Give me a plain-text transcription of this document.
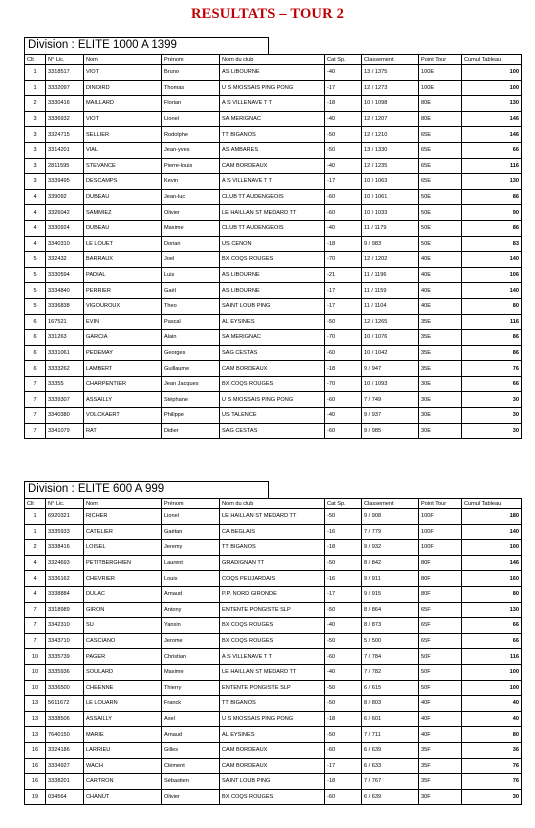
RESULTATS – TOUR 2
Division : ELITE 1000 A 1399
Clt	N° Lic.	Nom	Prénom	Nom du club	Cat Sp.	Classement	Point Tour	Cumul Tableau
1	3318517	VIOT	Bruno	AS LIBOURNE	-40	13 / 1375	100E	100
1	3332097	DINOIRD	Thomas	U S MIOSSAIS PING PONG	-17	12 / 1273	100E	100
2	3330416	MAILLARD	Florian	A S VILLENAVE T T	-18	10 / 1098	80E	130
3	3336932	VIOT	Lionel	SA MERIGNAC	-40	12 / 1207	80E	146
3	3324715	SELLIER	Rodolphe	TT BIGANOS	-50	12 / 1210	65E	146
3	3314201	VIAL	Jean-yves	AS AMBARES	-50	13 / 1330	65E	66
3	2811595	STEVANCE	Pierre-louis	CAM BORDEAUX	-40	12 / 1235	65E	116
3	3339495	DESCAMPS	Kevin	A S VILLENAVE T T	-17	10 / 1063	65E	130
4	339092	DUBEAU	Jean-luc	CLUB TT AUDENGEOIS	-60	10 / 1061	50E	86
4	3326042	SAMMIEZ	Olivier	LE HAILLAN ST MEDARD TT	-60	10 / 1033	50E	90
4	3330924	DUBEAU	Maxime	CLUB TT AUDENGEOIS	-40	11 / 1179	50E	86
4	3340310	LE LOUET	Dorian	US CENON	-18	9 / 983	50E	83
5	332432	BARRAUX	Joel	BX COQS ROUGES	-70	12 / 1202	40E	140
5	3330594	PADIAL	Luis	AS LIBOURNE	-21	11 / 1196	40E	106
5	3334840	PERRIER	Gaël	AS LIBOURNE	-17	11 / 1159	40E	140
5	3336838	VIGOUROUX	Theo	SAINT LOUB PING	-17	11 / 1104	40E	80
6	167521	EVIN	Pascal	AL EYSINES	-50	12 / 1265	35E	116
6	331263	GARCIA	Alain	SA MERIGNAC	-70	10 / 1076	35E	86
6	3331061	PEDEMAY	Georges	SAG CESTAS	-60	10 / 1042	35E	86
6	3333262	LAMBERT	Guillaume	CAM BORDEAUX	-18	9 / 947	35E	76
7	33355	CHARPENTIER	Jean Jacques	BX COQS ROUGES	-70	10 / 1093	30E	66
7	3339307	ASSAILLY	Stéphane	U S MIOSSAIS PING PONG	-60	7 / 749	30E	30
7	3340380	VOLCKAERT	Philippe	US TALENCE	-40	9 / 937	30E	30
7	3341079	RAT	Didier	SAG CESTAS	-60	9 / 985	30E	30
Division : ELITE 600 A 999
Clt	N° Lic.	Nom	Prénom	Nom du club	Cat Sp.	Classement	Point Tour	Cumul Tableau
1	6920321	RICHER	Lionel	LE HAILLAN ST MEDARD TT	-50	9 / 908	100F	180
1	3335933	CATELIER	Gaëtan	CA BEGLAIS	-16	7 / 779	100F	140
2	3338416	LOISEL	Jeremy	TT BIGANOS	-18	9 / 932	100F	100
4	3324693	PETITBERGHIEN	Laurent	GRADIGNAN TT	-50	8 / 842	80F	146
4	3336162	CHEVRIER	Louis	COQS PEUJARDAIS	-16	9 / 911	80F	160
4	3338884	DULAC	Arnaud	P.P. NORD GIRONDE	-17	9 / 915	80F	80
7	3318989	GIRON	Antony	ENTENTE PONGISTE SLP	-50	8 / 864	65F	130
7	3342310	SU	Yanxin	BX COQS ROUGES	-40	8 / 873	65F	66
7	3343710	CASCIANO	Jerome	BX COQS ROUGES	-50	5 / 500	65F	66
10	3335739	PAGER	Christian	A S VILLENAVE T T	-60	7 / 784	50F	116
10	3335936	SOULARD	Maxime	LE HAILLAN ST MEDARD TT	-40	7 / 782	50F	100
10	3336500	CHEENNE	Thierry	ENTENTE PONGISTE SLP	-50	6 / 615	50F	100
13	5611672	LE LOUARN	Franck	TT BIGANOS	-50	8 / 803	40F	40
13	3338506	ASSAILLY	Axel	U S MIOSSAIS PING PONG	-18	6 / 601	40F	40
13	7640150	MARIE	Arnaud	AL EYSINES	-50	7 / 711	40F	80
16	3324186	LARRIEU	Gilles	CAM BORDEAUX	-60	6 / 639	35F	36
16	3334927	WACH	Clément	CAM BORDEAUX	-17	6 / 633	35F	76
16	3338201	CARTRON	Sébastien	SAINT LOUB PING	-18	7 / 767	35F	76
19	034564	CHANUT	Olivier	BX COQS ROUGES	-60	6 / 639	30F	30
